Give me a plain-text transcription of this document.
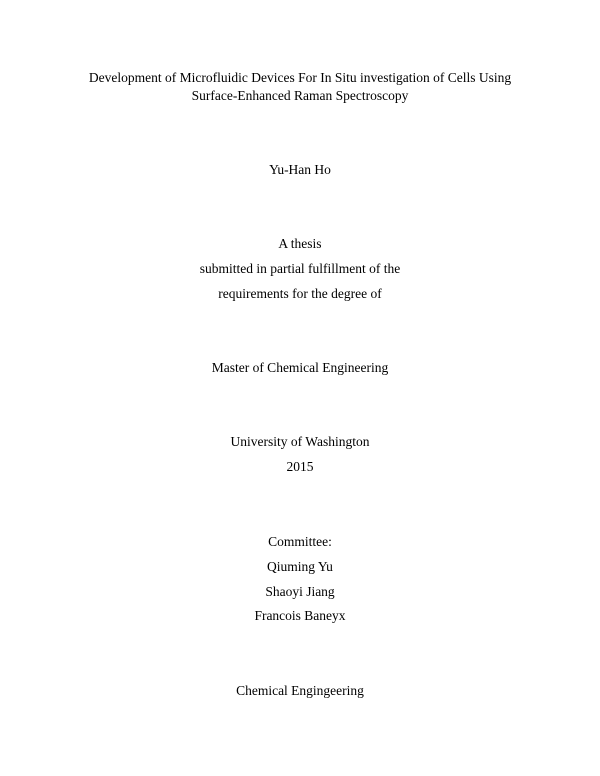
Development of Microfluidic Devices For In Situ investigation of Cells Using
Surface-Enhanced Raman Spectroscopy
Yu-Han Ho
A thesis
submitted in partial fulfillment of the
requirements for the degree of
Master of Chemical Engineering
University of Washington
2015
Committee:
Qiuming Yu
Shaoyi Jiang
Francois Baneyx
Chemical Engingeering
